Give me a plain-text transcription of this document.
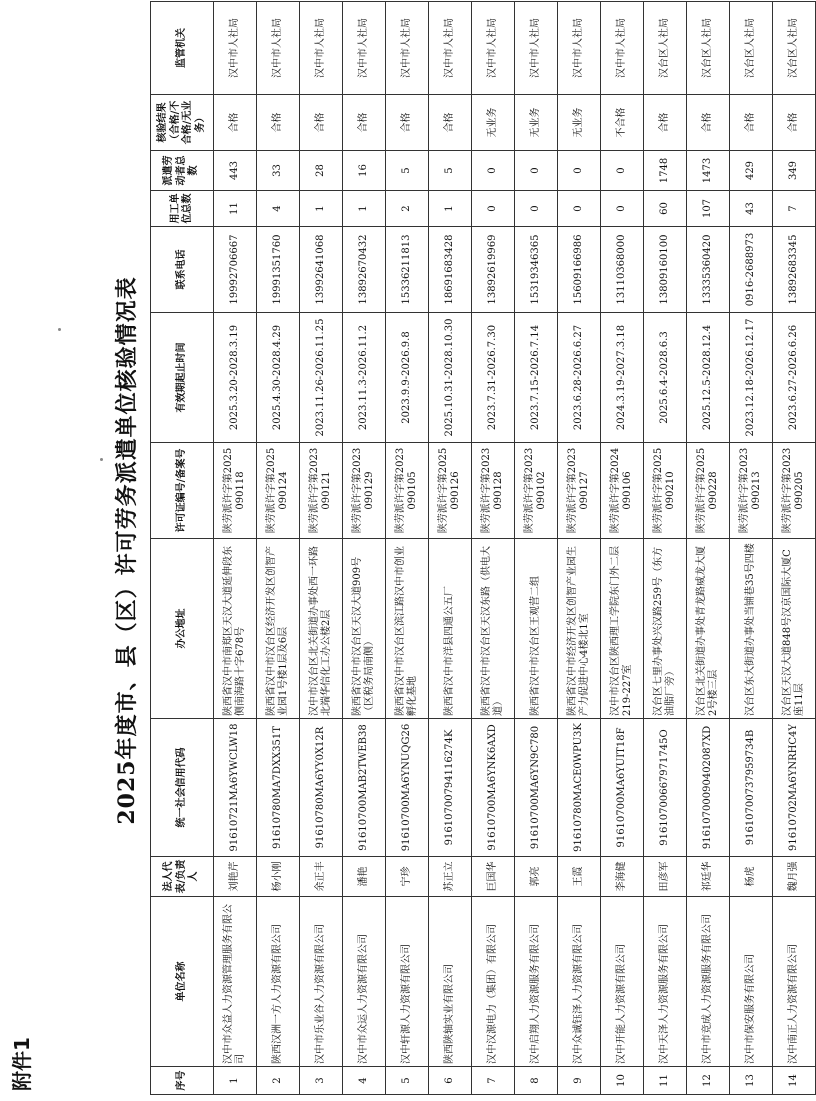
附件1
2025年度市、县（区）许可劳务派遣单位核验情况表
序号	单位名称	法人代表/负责人	统一社会信用代码	办公地址	许可证编号/备案号	有效期起止时间	联系电话	用工单位总数	派遣劳动者总数	核验结果（合格/不合格/无业务）	监管机关
1	汉中市众益人力资源管理服务有限公司	刘艳芹	91610721MA6YWCLW18	陕西省汉中市南郑区天汉大道延伸段东侧南海路十字678号	陕劳派许字第2025090118	2025.3.20-2028.3.19	19992706667	11	443	合格	汉中市人社局
2	陕西汉洲一方人力资源有限公司	杨小刚	91610780MA7DXX351T	陕西省汉中市汉台区经济开发区创智产业园1号楼1层及6层	陕劳派许字第2025090124	2025.4.30-2028.4.29	19991351760	4	33	合格	汉中市人社局
3	汉中市乐业谷人力资源有限公司	余正丰	91610780MA6YY0X12R	汉中市汉台区北关街道办事处西一环路北端华信化工办公楼2层	陕劳派许字第2023090121	2023.11.26-2026.11.25	13992641068	1	28	合格	汉中市人社局
4	汉中市众运人力资源有限公司	潘艳	91610700MAB2TWEB38	陕西省汉中市汉台区天汉大道909号（区税务局南侧）	陕劳派许字第2023090129	2023.11.3-2026.11.2	13892670432	1	16	合格	汉中市人社局
5	汉中轩源人力资源有限公司	宁珍	91610700MA6YNUQG26	陕西省汉中市汉台区滨江路汉中市创业孵化基地	陕劳派许字第2023090105	2023.9.9-2026.9.8	15336211813	2	5	合格	汉中市人社局
6	陕西陕轴实业有限公司	苏正立	91610700794116274K	陕西省汉中市洋县四通公五厂	陕劳派许字第2025090126	2025.10.31-2028.10.30	18691683428	1	5	合格	汉中市人社局
7	汉中汉源电力（集团）有限公司	巨国华	91610700MA6YNK6AXD	陕西省汉中市汉台区天汉东路（供电大道）	陕劳派许字第2023090128	2023.7.31-2026.7.30	13892619969	0	0	无业务	汉中市人社局
8	汉中启翔人力资源服务有限公司	郭亮	91610700MA6YN9C780	陕西省汉中市汉台区王观营二组	陕劳派许字第2023090102	2023.7.15-2026.7.14	15319346365	0	0	无业务	汉中市人社局
9	汉中众诚钰泽人力资源有限公司	王霞	91610780MACE0WPU3K	陕西省汉中市经济开发区创智产业园生产力促进中心4楼北1室	陕劳派许字第2023090127	2023.6.28-2026.6.27	15609166986	0	0	无业务	汉中市人社局
10	汉中开能人力资源有限公司	李海健	91610700MA6YUIT18F	汉中市汉台区陕西理工学院东门外二层219-227室	陕劳派许字第2024090106	2024.3.19-2027.3.18	13110368000	0	0	不合格	汉中市人社局
11	汉中天泽人力资源服务有限公司	田彦军	91610700667971745O	汉台区七里办事处兴汉路259号（东方油脂厂旁）	陕劳派许字第2025090210	2025.6.4-2028.6.3	13809160100	60	1748	合格	汉台区人社局
12	汉中市竞成人力资源服务有限公司	祁廷华	91610700090402087XD	汉台区北关街道办事处青龙路威龙大厦2号楼三层	陕劳派许字第2025090228	2025.12.5-2028.12.4	13335360420	107	1473	合格	汉台区人社局
13	汉中市保安服务有限公司	杨虎	91610700737959734B	汉台区东大街道办事处当铺巷35号四楼	陕劳派许字第2023090213	2023.12.18-2026.12.17	0916-2688973	43	429	合格	汉台区人社局
14	汉中南正人力资源有限公司	魏月强	91610702MA6YNRHC4Y	汉台区天汉大道848号汉京国际大厦C座11层	陕劳派许字第2023090205	2023.6.27-2026.6.26	13892683345	7	349	合格	汉台区人社局
